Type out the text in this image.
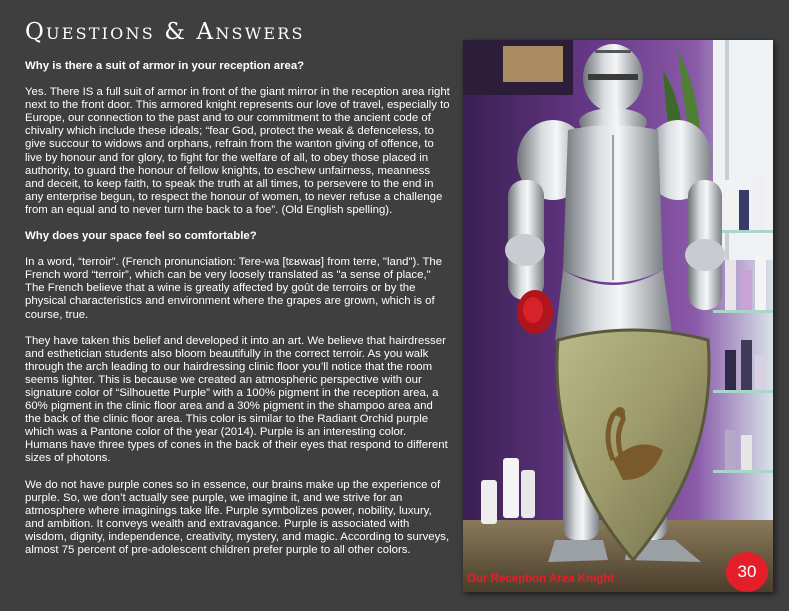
Questions & Answers

Why is there a suit of armor in your reception area?

Yes. There IS a full suit of armor in front of the giant mirror in the reception area right next to the front door. This armored knight represents our love of travel, especially to Europe, our connection to the past and to our commitment to the ancient code of chivalry which include these ideals; “fear God, protect the weak & defenceless, to give succour to widows and orphans, refrain from the wanton giving of offence, to live by honour and for glory, to fight for the welfare of all, to obey those placed in authority, to guard the honour of fellow knights, to eschew unfairness, meanness and deceit, to keep faith, to speak the truth at all times, to persevere to the end in any enterprise begun, to respect the honour of women, to never refuse a challenge from an equal and to never turn the back to a foe”. (Old English spelling).

Why does your space feel so comfortable?

In a word, “terroir”. (French pronunciation: Tere-wa [tɛʁwaʁ] from terre, "land"). The French word “terroir”, which can be very loosely translated as "a sense of place," The French believe that a wine is greatly affected by goût de terroirs or by the physical characteristics and environment where the grapes are grown, which is of course, true.

They have taken this belief and developed it into an art. We believe that hairdresser and esthetician students also bloom beautifully in the correct terroir. As you walk through the arch leading to our hairdressing clinic floor you’ll notice that the room seems lighter. This is because we created an atmospheric perspective with our signature color of “Silhouette Purple” with a 100% pigment in the reception area, a 60% pigment in the clinic floor area and a 30% pigment in the shampoo area and the back of the clinic floor area. This color is similar to the Radiant Orchid purple which was a Pantone color of the year (2014). Purple is an interesting color. Humans have three types of cones in the back of their eyes that respond to different sizes of photons.

We do not have purple cones so in essence, our brains make up the experience of purple. So, we don’t actually see purple, we imagine it, and we strive for an atmosphere where imaginings take life. Purple symbolizes power, nobility, luxury, and ambition. It conveys wealth and extravagance. Purple is associated with wisdom, dignity, independence, creativity, mystery, and magic. According to surveys, almost 75 percent of pre-adolescent children prefer purple to all other colors.

Our Reception Area Knight	30
